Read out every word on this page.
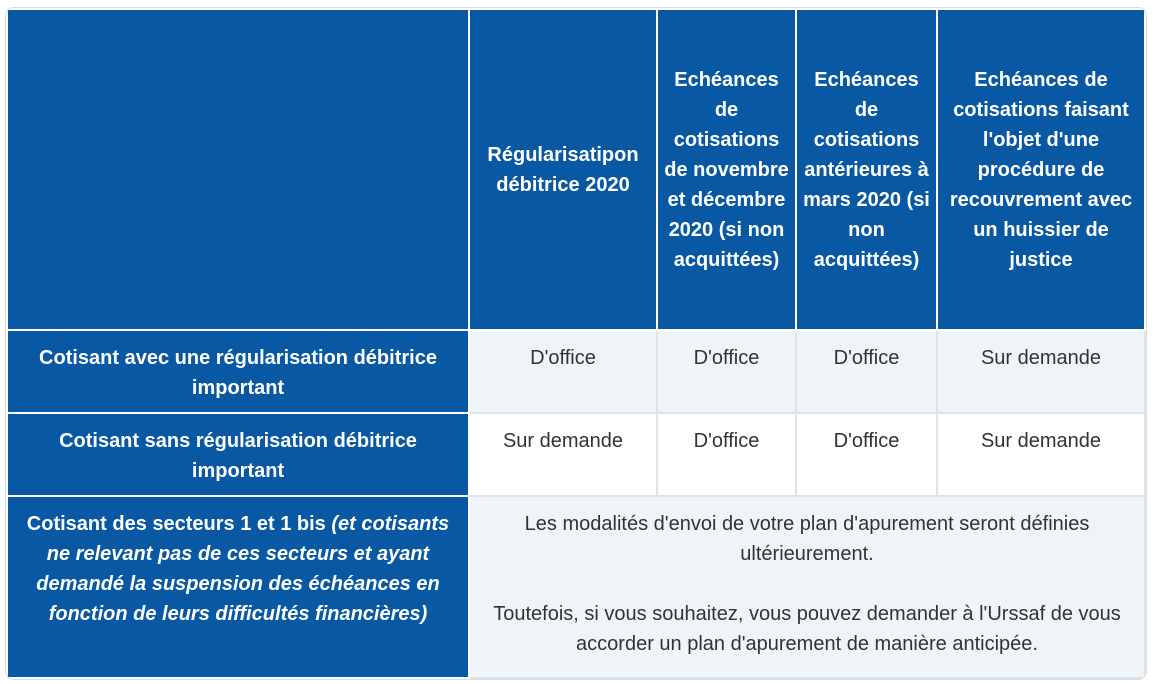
	Régularisatipon débitrice 2020	Echéances de cotisations de novembre et décembre 2020 (si non acquittées)	Echéances de cotisations antérieures à mars 2020 (si non acquittées)	Echéances de cotisations faisant l'objet d'une procédure de recouvrement avec un huissier de justice
Cotisant avec une régularisation débitrice important	D'office	D'office	D'office	Sur demande
Cotisant sans régularisation débitrice important	Sur demande	D'office	D'office	Sur demande
Cotisant des secteurs 1 et 1 bis (et cotisants ne relevant pas de ces secteurs et ayant demandé la suspension des échéances en fonction de leurs difficultés financières)	Les modalités d'envoi de votre plan d'apurement seront définies ultérieurement.

Toutefois, si vous souhaitez, vous pouvez demander à l'Urssaf de vous accorder un plan d'apurement de manière anticipée.			
